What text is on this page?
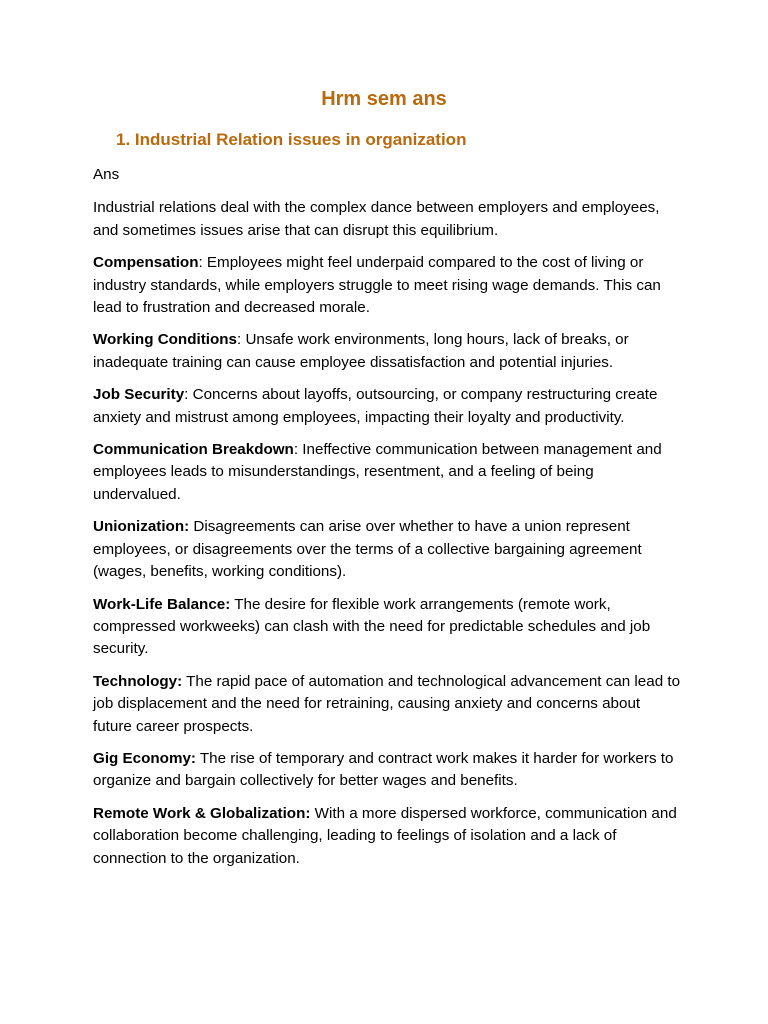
Hrm sem ans
1. Industrial Relation issues in organization

Ans

Industrial relations deal with the complex dance between employers and employees, and sometimes issues arise that can disrupt this equilibrium.

Compensation: Employees might feel underpaid compared to the cost of living or industry standards, while employers struggle to meet rising wage demands. This can lead to frustration and decreased morale.

Working Conditions: Unsafe work environments, long hours, lack of breaks, or inadequate training can cause employee dissatisfaction and potential injuries.

Job Security: Concerns about layoffs, outsourcing, or company restructuring create anxiety and mistrust among employees, impacting their loyalty and productivity.

Communication Breakdown: Ineffective communication between management and employees leads to misunderstandings, resentment, and a feeling of being undervalued.

Unionization: Disagreements can arise over whether to have a union represent employees, or disagreements over the terms of a collective bargaining agreement (wages, benefits, working conditions).

Work-Life Balance: The desire for flexible work arrangements (remote work, compressed workweeks) can clash with the need for predictable schedules and job security.

Technology: The rapid pace of automation and technological advancement can lead to job displacement and the need for retraining, causing anxiety and concerns about future career prospects.

Gig Economy: The rise of temporary and contract work makes it harder for workers to organize and bargain collectively for better wages and benefits.

Remote Work & Globalization: With a more dispersed workforce, communication and collaboration become challenging, leading to feelings of isolation and a lack of connection to the organization.
